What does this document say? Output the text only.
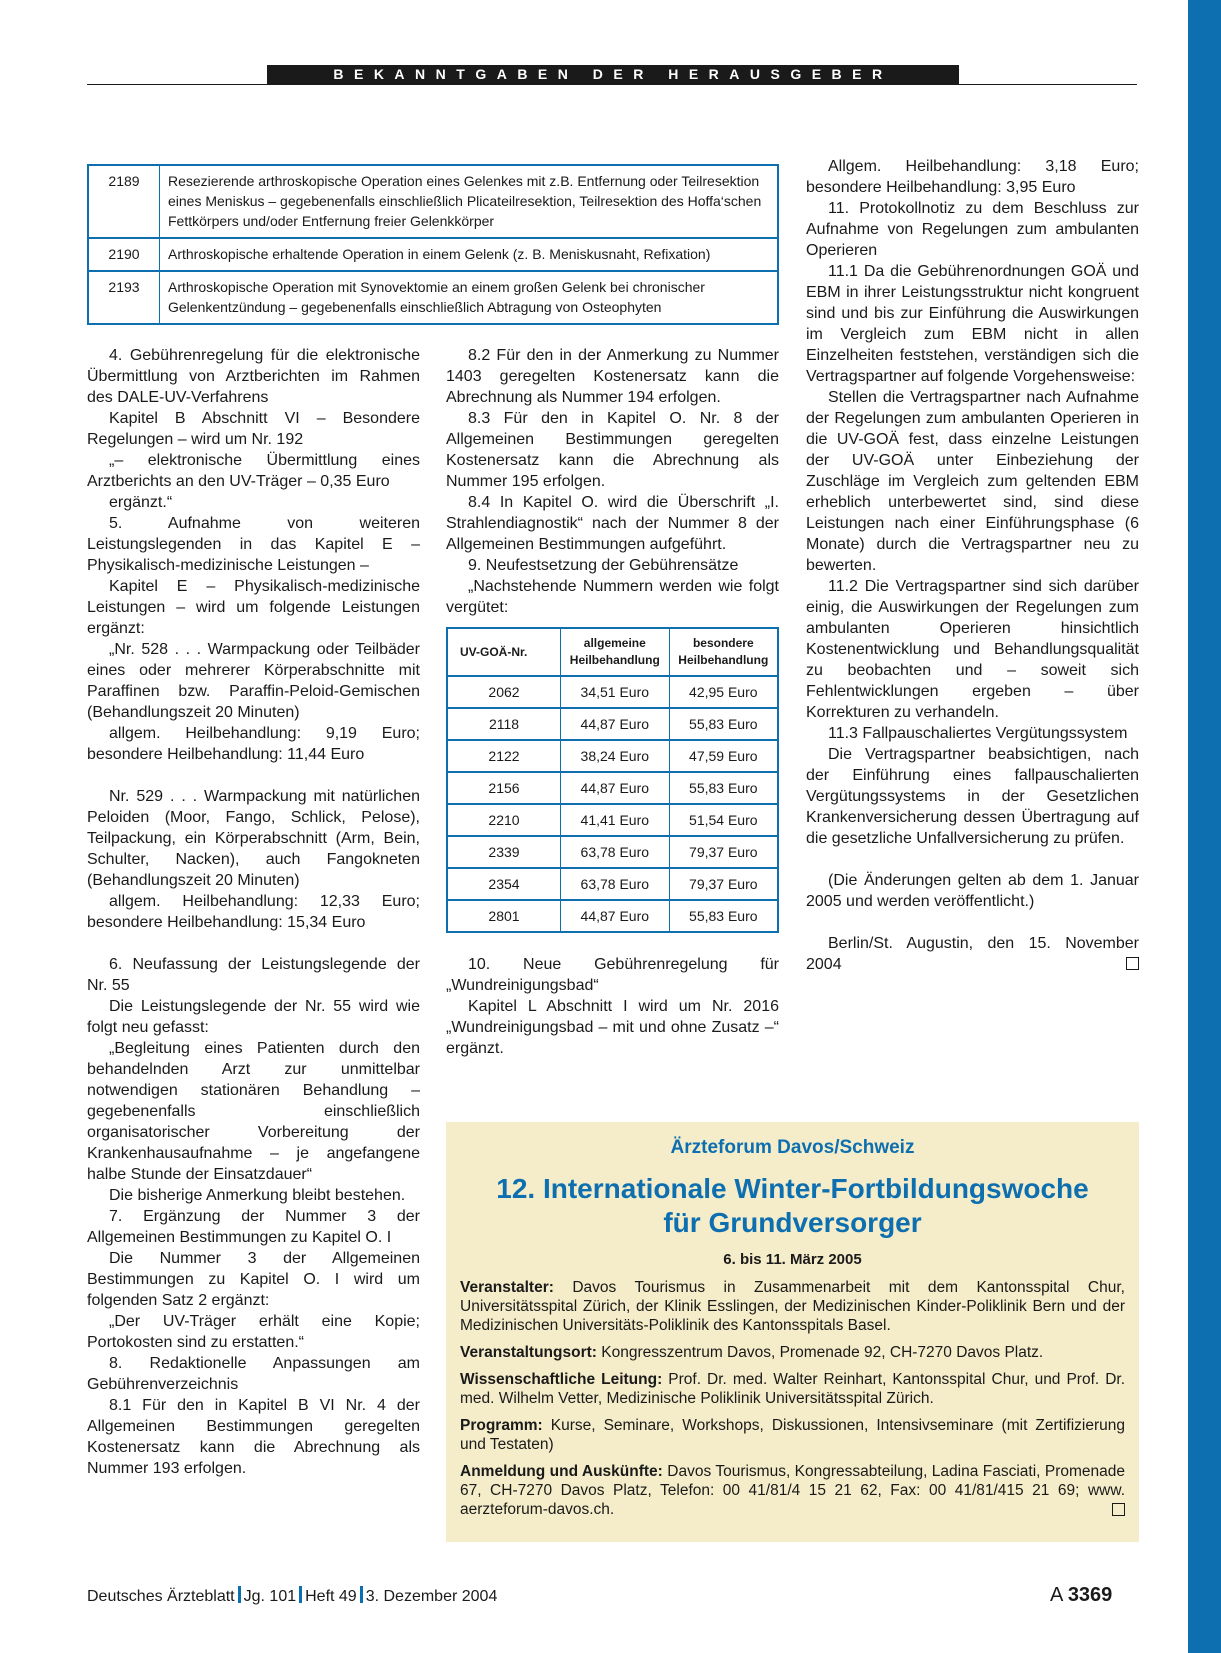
BEKANNTGABEN DER HERAUSGEBER
2189	Resezierende arthroskopische Operation eines Gelenkes mit z.B. Entfernung oder Teilresektion eines Meniskus – gegebenenfalls einschließlich Plicateilresektion, Teilresektion des Hoffa‘schen Fettkörpers und/oder Entfernung freier Gelenkkörper
2190	Arthroskopische erhaltende Operation in einem Gelenk (z. B. Meniskusnaht, Refixation)
2193	Arthroskopische Operation mit Synovektomie an einem großen Gelenk bei chronischer Gelenkentzündung – gegebenenfalls einschließlich Abtragung von Osteophyten

4. Gebührenregelung für die elektronische Übermittlung von Arztberichten im Rahmen des DALE-UV-Verfahrens

Kapitel B Abschnitt VI – Besondere Regelungen – wird um Nr. 192

„– elektronische Übermittlung eines Arztberichts an den UV-Träger – 0,35 Euro

ergänzt.“

5. Aufnahme von weiteren Leistungslegenden in das Kapitel E – Physikalisch-medizinische Leistungen –

Kapitel E – Physikalisch-medizinische Leistungen – wird um folgende Leistungen ergänzt:

„Nr. 528 . . . Warmpackung oder Teilbäder eines oder mehrerer Körperabschnitte mit Paraffinen bzw. Paraffin-Peloid-Gemischen (Behandlungszeit 20 Minuten)

allgem. Heilbehandlung: 9,19 Euro; besondere Heilbehandlung: 11,44 Euro

Nr. 529 . . . Warmpackung mit natürlichen Peloiden (Moor, Fango, Schlick, Pelose), Teilpackung, ein Körperabschnitt (Arm, Bein, Schulter, Nacken), auch Fangokneten (Behandlungszeit 20 Minuten)

allgem. Heilbehandlung: 12,33 Euro; besondere Heilbehandlung: 15,34 Euro

6. Neufassung der Leistungslegende der Nr. 55

Die Leistungslegende der Nr. 55 wird wie folgt neu gefasst:

„Begleitung eines Patienten durch den behandelnden Arzt zur unmittelbar notwendigen stationären Behandlung – gegebenenfalls einschließlich organisatorischer Vorbereitung der Krankenhausaufnahme – je angefangene halbe Stunde der Einsatzdauer“

Die bisherige Anmerkung bleibt bestehen.

7. Ergänzung der Nummer 3 der Allgemeinen Bestimmungen zu Kapitel O. I

Die Nummer 3 der Allgemeinen Bestimmungen zu Kapitel O. I wird um folgenden Satz 2 ergänzt:

„Der UV-Träger erhält eine Kopie; Portokosten sind zu erstatten.“

8. Redaktionelle Anpassungen am Gebührenverzeichnis

8.1 Für den in Kapitel B VI Nr. 4 der Allgemeinen Bestimmungen geregelten Kostenersatz kann die Abrechnung als Nummer 193 erfolgen.

8.2 Für den in der Anmerkung zu Nummer 1403 geregelten Kostenersatz kann die Abrechnung als Nummer 194 erfolgen.

8.3 Für den in Kapitel O. Nr. 8 der Allgemeinen Bestimmungen geregelten Kostenersatz kann die Abrechnung als Nummer 195 erfolgen.

8.4 In Kapitel O. wird die Überschrift „I. Strahlendiagnostik“ nach der Nummer 8 der Allgemeinen Bestimmungen aufgeführt.

9. Neufestsetzung der Gebührensätze

„Nachstehende Nummern werden wie folgt vergütet:

UV-GOÄ-Nr.	allgemeine Heilbehandlung	besondere Heilbehandlung
2062	34,51 Euro	42,95 Euro
2118	44,87 Euro	55,83 Euro
2122	38,24 Euro	47,59 Euro
2156	44,87 Euro	55,83 Euro
2210	41,41 Euro	51,54 Euro
2339	63,78 Euro	79,37 Euro
2354	63,78 Euro	79,37 Euro
2801	44,87 Euro	55,83 Euro

10. Neue Gebührenregelung für „Wundreinigungsbad“

Kapitel L Abschnitt I wird um Nr. 2016 „Wundreinigungsbad – mit und ohne Zusatz –“ ergänzt.

Allgem. Heilbehandlung: 3,18 Euro; besondere Heilbehandlung: 3,95 Euro

11. Protokollnotiz zu dem Beschluss zur Aufnahme von Regelungen zum ambulanten Operieren

11.1 Da die Gebührenordnungen GOÄ und EBM in ihrer Leistungsstruktur nicht kongruent sind und bis zur Einführung die Auswirkungen im Vergleich zum EBM nicht in allen Einzelheiten feststehen, verständigen sich die Vertragspartner auf folgende Vorgehensweise:

Stellen die Vertragspartner nach Aufnahme der Regelungen zum ambulanten Operieren in die UV-GOÄ fest, dass einzelne Leistungen der UV-GOÄ unter Einbeziehung der Zuschläge im Vergleich zum geltenden EBM erheblich unterbewertet sind, sind diese Leistungen nach einer Einführungsphase (6 Monate) durch die Vertragspartner neu zu bewerten.

11.2 Die Vertragspartner sind sich darüber einig, die Auswirkungen der Regelungen zum ambulanten Operieren hinsichtlich Kostenentwicklung und Behandlungsqualität zu beobachten und – soweit sich Fehlentwicklungen ergeben – über Korrekturen zu verhandeln.

11.3 Fallpauschaliertes Vergütungssystem

Die Vertragspartner beabsichtigen, nach der Einführung eines fallpauschalierten Vergütungssystems in der Gesetzlichen Krankenversicherung dessen Übertragung auf die gesetzliche Unfallversicherung zu prüfen.

(Die Änderungen gelten ab dem 1. Januar 2005 und werden veröffentlicht.)

Berlin/St. Augustin, den 15. November 2004

Ärzteforum Davos/Schweiz
12. Internationale Winter-Fortbildungswoche
für Grundversorger
6. bis 11. März 2005
Veranstalter: Davos Tourismus in Zusammenarbeit mit dem Kantonsspital Chur, Universitätsspital Zürich, der Klinik Esslingen, der Medizinischen Kinder-Poliklinik Bern und der Medizinischen Universitäts-Poliklinik des Kantonsspitals Basel.
Veranstaltungsort: Kongresszentrum Davos, Promenade 92, CH-7270 Davos Platz.
Wissenschaftliche Leitung: Prof. Dr. med. Walter Reinhart, Kantonsspital Chur, und Prof. Dr. med. Wilhelm Vetter, Medizinische Poliklinik Universitätsspital Zürich.
Programm: Kurse, Seminare, Workshops, Diskussionen, Intensivseminare (mit Zertifizierung und Testaten)
Anmeldung und Auskünfte: Davos Tourismus, Kongressabteilung, Ladina Fasciati, Promenade 67, CH-7270 Davos Platz, Telefon: 00 41/81/4 15 21 62, Fax: 00 41/81/415 21 69; www. aerzteforum-davos.ch.
Deutsches Ärzteblatt Jg. 101 Heft 49 3. Dezember 2004	A 3369
